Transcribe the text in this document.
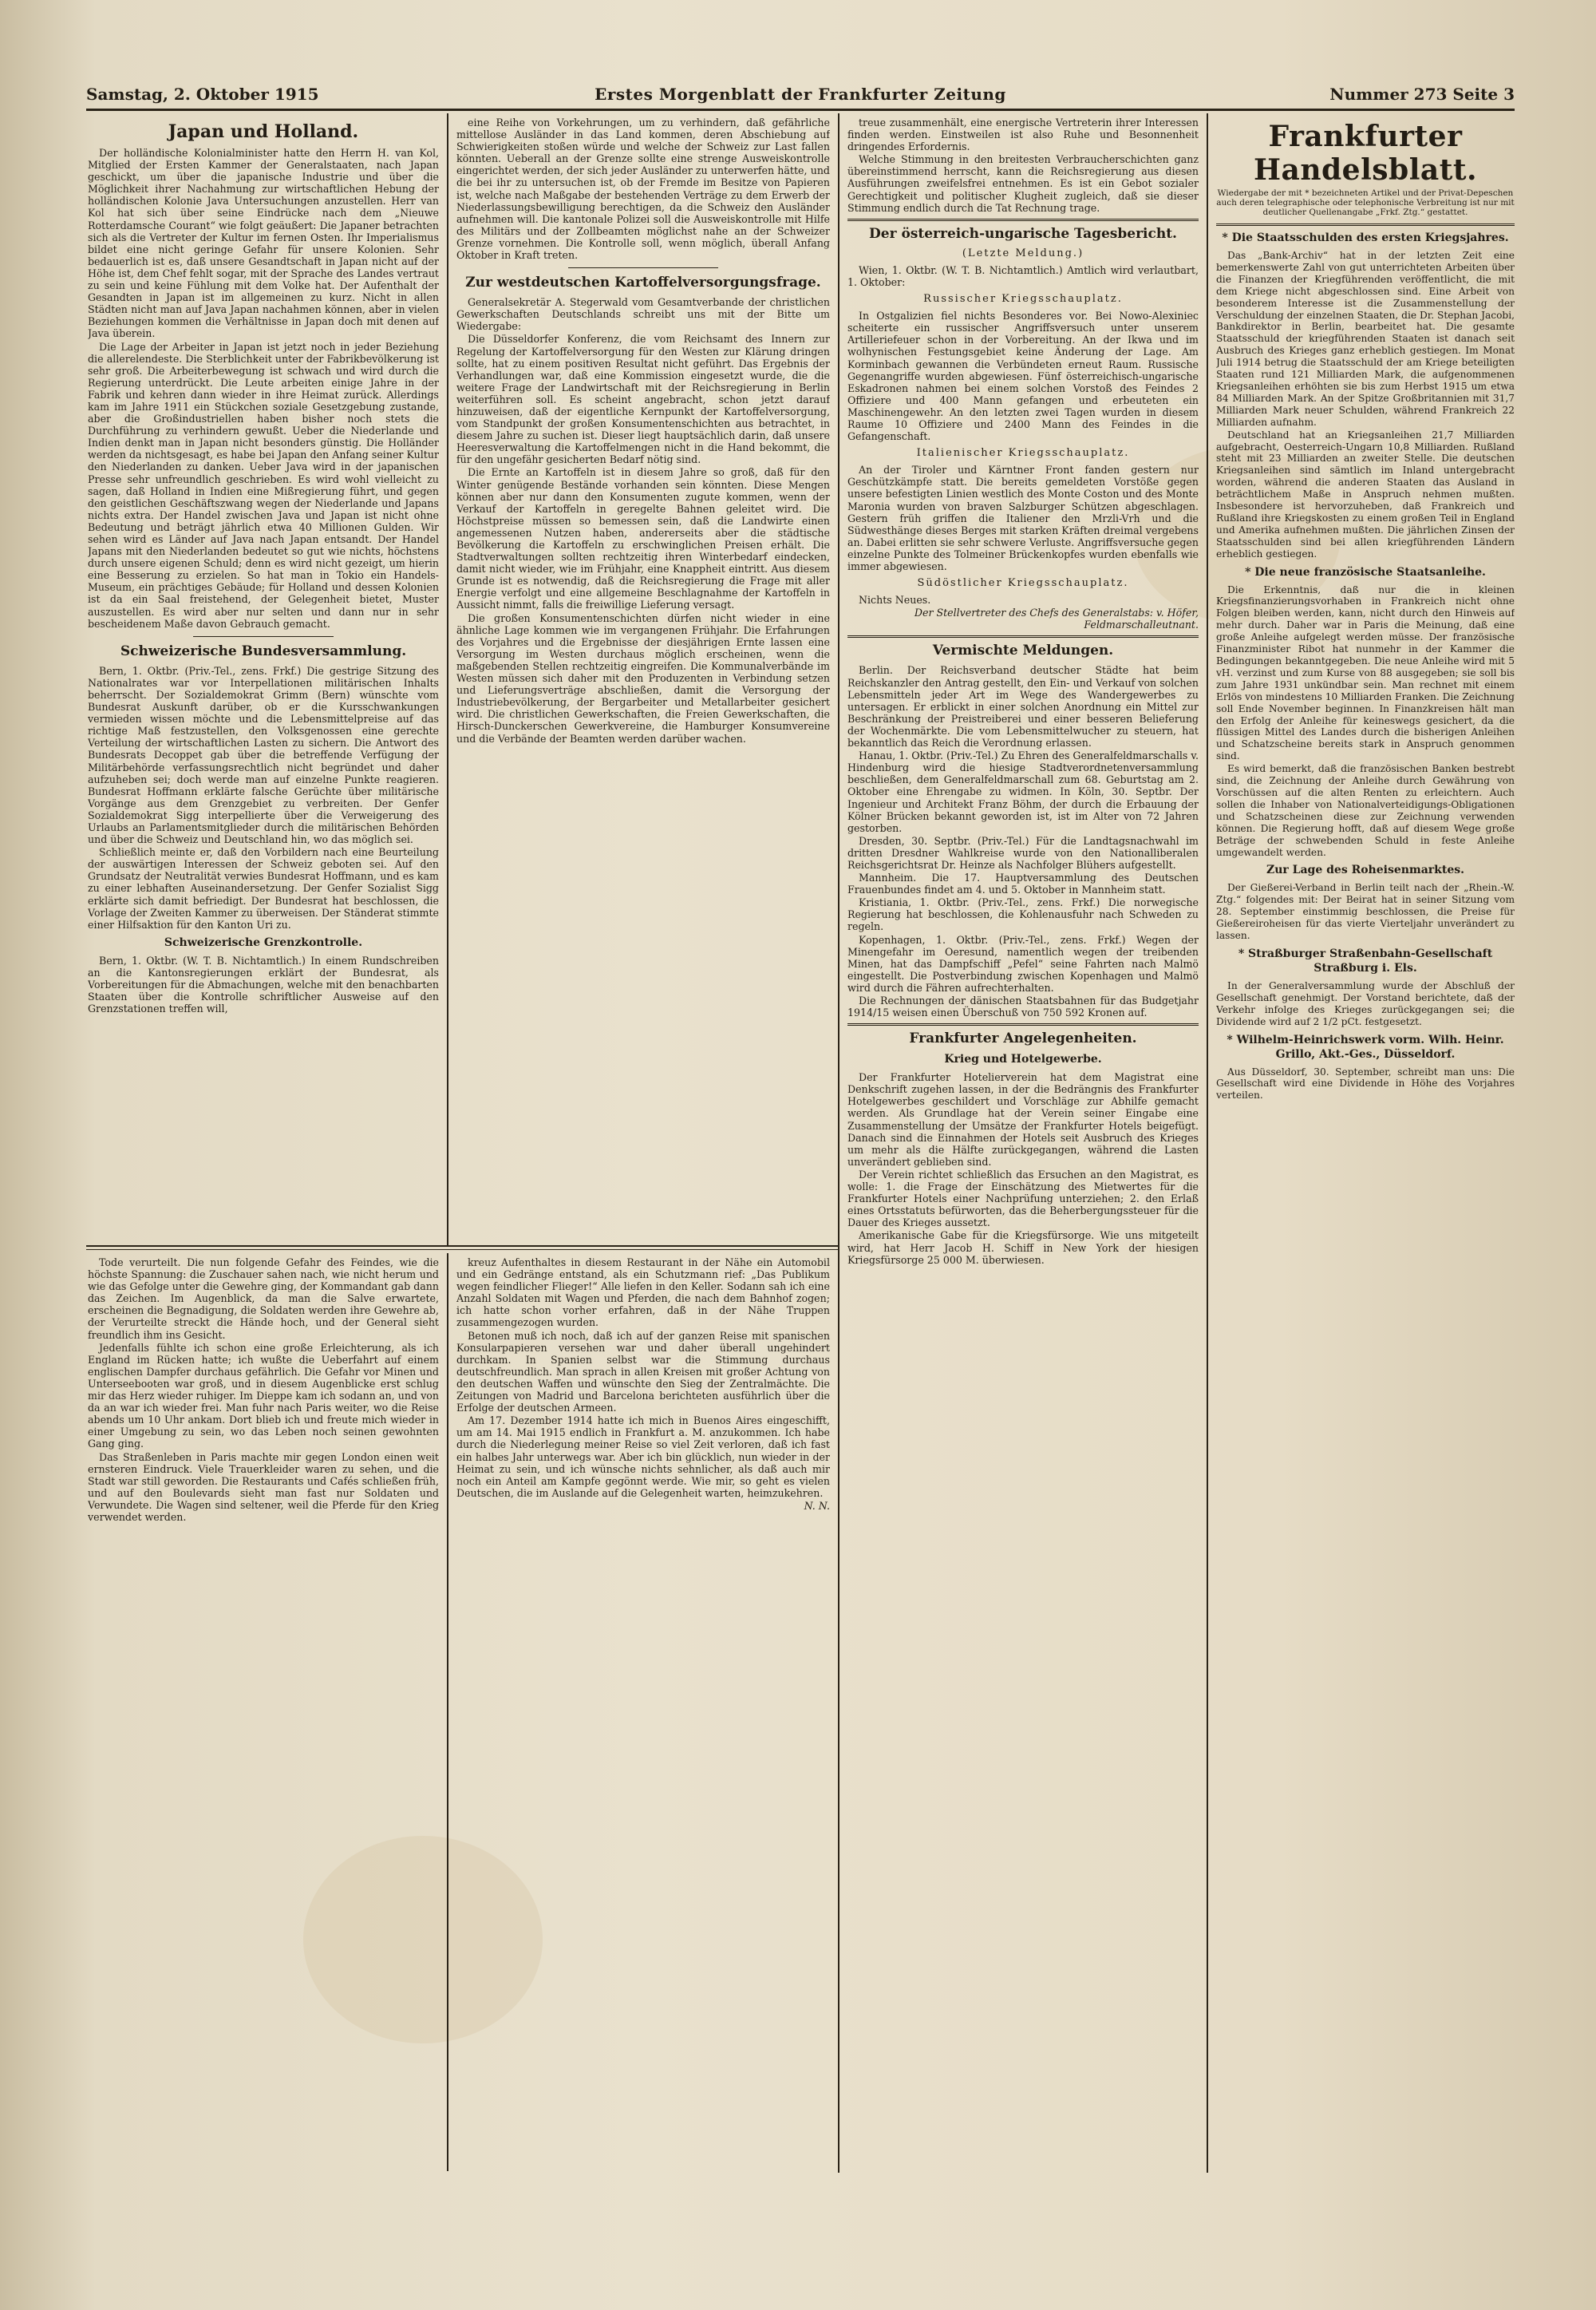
Samstag, 2. Oktober 1915	Erstes Morgenblatt der Frankfurter Zeitung	Nummer 273 Seite 3
Japan und Holland.

Der holländische Kolonialminister hatte den Herrn H. van Kol, Mitglied der Ersten Kammer der Generalstaaten, nach Japan geschickt, um über die japanische Industrie und über die Möglichkeit ihrer Nachahmung zur wirtschaftlichen Hebung der holländischen Kolonie Java Untersuchungen anzustellen. Herr van Kol hat sich über seine Eindrücke nach dem „Nieuwe Rotterdamsche Courant“ wie folgt geäußert: Die Japaner betrachten sich als die Vertreter der Kultur im fernen Osten. Ihr Imperialismus bildet eine nicht geringe Gefahr für unsere Kolonien. Sehr bedauerlich ist es, daß unsere Gesandtschaft in Japan nicht auf der Höhe ist, dem Chef fehlt sogar, mit der Sprache des Landes vertraut zu sein und keine Fühlung mit dem Volke hat. Der Aufenthalt der Gesandten in Japan ist im allgemeinen zu kurz. Nicht in allen Städten nicht man auf Java Japan nachahmen können, aber in vielen Beziehungen kommen die Verhältnisse in Japan doch mit denen auf Java überein.

Die Lage der Arbeiter in Japan ist jetzt noch in jeder Beziehung die allerelendeste. Die Sterblichkeit unter der Fabrikbevölkerung ist sehr groß. Die Arbeiterbewegung ist schwach und wird durch die Regierung unterdrückt. Die Leute arbeiten einige Jahre in der Fabrik und kehren dann wieder in ihre Heimat zurück. Allerdings kam im Jahre 1911 ein Stückchen soziale Gesetzgebung zustande, aber die Großindustriellen haben bisher noch stets die Durchführung zu verhindern gewußt. Ueber die Niederlande und Indien denkt man in Japan nicht besonders günstig. Die Holländer werden da nichtsgesagt, es habe bei Japan den Anfang seiner Kultur den Niederlanden zu danken. Ueber Java wird in der japanischen Presse sehr unfreundlich geschrieben. Es wird wohl vielleicht zu sagen, daß Holland in Indien eine Mißregierung führt, und gegen den geistlichen Geschäftszwang wegen der Niederlande und Japans nichts extra. Der Handel zwischen Java und Japan ist nicht ohne Bedeutung und beträgt jährlich etwa 40 Millionen Gulden. Wir sehen wird es Länder auf Java nach Japan entsandt. Der Handel Japans mit den Niederlanden bedeutet so gut wie nichts, höchstens durch unsere eigenen Schuld; denn es wird nicht gezeigt, um hierin eine Besserung zu erzielen. So hat man in Tokio ein Handels-Museum, ein prächtiges Gebäude; für Holland und dessen Kolonien ist da ein Saal freistehend, der Gelegenheit bietet, Muster auszustellen. Es wird aber nur selten und dann nur in sehr bescheidenem Maße davon Gebrauch gemacht.

Schweizerische Bundesversammlung.

Bern, 1. Oktbr. (Priv.-Tel., zens. Frkf.) Die gestrige Sitzung des Nationalrates war vor Interpellationen militärischen Inhalts beherrscht. Der Sozialdemokrat Grimm (Bern) wünschte vom Bundesrat Auskunft darüber, ob er die Kursschwankungen vermieden wissen möchte und die Lebensmittelpreise auf das richtige Maß festzustellen, den Volksgenossen eine gerechte Verteilung der wirtschaftlichen Lasten zu sichern. Die Antwort des Bundesrats Decoppet gab über die betreffende Verfügung der Militärbehörde verfassungsrechtlich nicht begründet und daher aufzuheben sei; doch werde man auf einzelne Punkte reagieren. Bundesrat Hoffmann erklärte falsche Gerüchte über militärische Vorgänge aus dem Grenzgebiet zu verbreiten. Der Genfer Sozialdemokrat Sigg interpellierte über die Verweigerung des Urlaubs an Parlamentsmitglieder durch die militärischen Behörden und über die Schweiz und Deutschland hin, wo das möglich sei.

Schließlich meinte er, daß den Vorbildern nach eine Beurteilung der auswärtigen Interessen der Schweiz geboten sei. Auf den Grundsatz der Neutralität verwies Bundesrat Hoffmann, und es kam zu einer lebhaften Auseinandersetzung. Der Genfer Sozialist Sigg erklärte sich damit befriedigt. Der Bundesrat hat beschlossen, die Vorlage der Zweiten Kammer zu überweisen. Der Ständerat stimmte einer Hilfsaktion für den Kanton Uri zu.

Schweizerische Grenzkontrolle.

Bern, 1. Oktbr. (W. T. B. Nichtamtlich.) In einem Rundschreiben an die Kantonsregierungen erklärt der Bundesrat, als Vorbereitungen für die Abmachungen, welche mit den benachbarten Staaten über die Kontrolle schriftlicher Ausweise auf den Grenzstationen treffen will,

eine Reihe von Vorkehrungen, um zu verhindern, daß gefährliche mittellose Ausländer in das Land kommen, deren Abschiebung auf Schwierigkeiten stoßen würde und welche der Schweiz zur Last fallen könnten. Ueberall an der Grenze sollte eine strenge Ausweiskontrolle eingerichtet werden, der sich jeder Ausländer zu unterwerfen hätte, und die bei ihr zu untersuchen ist, ob der Fremde im Besitze von Papieren ist, welche nach Maßgabe der bestehenden Verträge zu dem Erwerb der Niederlassungsbewilligung berechtigen, da die Schweiz den Ausländer aufnehmen will. Die kantonale Polizei soll die Ausweiskontrolle mit Hilfe des Militärs und der Zollbeamten möglichst nahe an der Schweizer Grenze vornehmen. Die Kontrolle soll, wenn möglich, überall Anfang Oktober in Kraft treten.

Zur westdeutschen Kartoffelversorgungsfrage.

Generalsekretär A. Stegerwald vom Gesamtverbande der christlichen Gewerkschaften Deutschlands schreibt uns mit der Bitte um Wiedergabe:

Die Düsseldorfer Konferenz, die vom Reichsamt des Innern zur Regelung der Kartoffelversorgung für den Westen zur Klärung dringen sollte, hat zu einem positiven Resultat nicht geführt. Das Ergebnis der Verhandlungen war, daß eine Kommission eingesetzt wurde, die die weitere Frage der Landwirtschaft mit der Reichsregierung in Berlin weiterführen soll. Es scheint angebracht, schon jetzt darauf hinzuweisen, daß der eigentliche Kernpunkt der Kartoffelversorgung, vom Standpunkt der großen Konsumentenschichten aus betrachtet, in diesem Jahre zu suchen ist. Dieser liegt hauptsächlich darin, daß unsere Heeresverwaltung die Kartoffelmengen nicht in die Hand bekommt, die für den ungefähr gesicherten Bedarf nötig sind.

Die Ernte an Kartoffeln ist in diesem Jahre so groß, daß für den Winter genügende Bestände vorhanden sein könnten. Diese Mengen können aber nur dann den Konsumenten zugute kommen, wenn der Verkauf der Kartoffeln in geregelte Bahnen geleitet wird. Die Höchstpreise müssen so bemessen sein, daß die Landwirte einen angemessenen Nutzen haben, andererseits aber die städtische Bevölkerung die Kartoffeln zu erschwinglichen Preisen erhält. Die Stadtverwaltungen sollten rechtzeitig ihren Winterbedarf eindecken, damit nicht wieder, wie im Frühjahr, eine Knappheit eintritt. Aus diesem Grunde ist es notwendig, daß die Reichsregierung die Frage mit aller Energie verfolgt und eine allgemeine Beschlagnahme der Kartoffeln in Aussicht nimmt, falls die freiwillige Lieferung versagt.

Die großen Konsumentenschichten dürfen nicht wieder in eine ähnliche Lage kommen wie im vergangenen Frühjahr. Die Erfahrungen des Vorjahres und die Ergebnisse der diesjährigen Ernte lassen eine Versorgung im Westen durchaus möglich erscheinen, wenn die maßgebenden Stellen rechtzeitig eingreifen. Die Kommunalverbände im Westen müssen sich daher mit den Produzenten in Verbindung setzen und Lieferungsverträge abschließen, damit die Versorgung der Industriebevölkerung, der Bergarbeiter und Metallarbeiter gesichert wird. Die christlichen Gewerkschaften, die Freien Gewerkschaften, die Hirsch-Dunckerschen Gewerkvereine, die Hamburger Konsumvereine und die Verbände der Beamten werden darüber wachen.

treue zusammenhält, eine energische Vertreterin ihrer Interessen finden werden. Einstweilen ist also Ruhe und Besonnenheit dringendes Erfordernis.

Welche Stimmung in den breitesten Verbraucherschichten ganz übereinstimmend herrscht, kann die Reichsregierung aus diesen Ausführungen zweifelsfrei entnehmen. Es ist ein Gebot sozialer Gerechtigkeit und politischer Klugheit zugleich, daß sie dieser Stimmung endlich durch die Tat Rechnung trage.

Der österreich-ungarische Tagesbericht.
(Letzte Meldung.)

Wien, 1. Oktbr. (W. T. B. Nichtamtlich.) Amtlich wird verlautbart, 1. Oktober:

Russischer Kriegsschauplatz.

In Ostgalizien fiel nichts Besonderes vor. Bei Nowo-Alexiniec scheiterte ein russischer Angriffsversuch unter unserem Artilleriefeuer schon in der Vorbereitung. An der Ikwa und im wolhynischen Festungsgebiet keine Änderung der Lage. Am Korminbach gewannen die Verbündeten erneut Raum. Russische Gegenangriffe wurden abgewiesen. Fünf österreichisch-ungarische Eskadronen nahmen bei einem solchen Vorstoß des Feindes 2 Offiziere und 400 Mann gefangen und erbeuteten ein Maschinengewehr. An den letzten zwei Tagen wurden in diesem Raume 10 Offiziere und 2400 Mann des Feindes in die Gefangenschaft.

Italienischer Kriegsschauplatz.

An der Tiroler und Kärntner Front fanden gestern nur Geschützkämpfe statt. Die bereits gemeldeten Vorstöße gegen unsere befestigten Linien westlich des Monte Coston und des Monte Maronia wurden von braven Salzburger Schützen abgeschlagen. Gestern früh griffen die Italiener den Mrzli-Vrh und die Südwesthänge dieses Berges mit starken Kräften dreimal vergebens an. Dabei erlitten sie sehr schwere Verluste. Angriffsversuche gegen einzelne Punkte des Tolmeiner Brückenkopfes wurden ebenfalls wie immer abgewiesen.

Südöstlicher Kriegsschauplatz.

Nichts Neues.

Der Stellvertreter des Chefs des Generalstabs: v. Höfer, Feldmarschalleutnant.

Vermischte Meldungen.

Berlin. Der Reichsverband deutscher Städte hat beim Reichskanzler den Antrag gestellt, den Ein- und Verkauf von solchen Lebensmitteln jeder Art im Wege des Wandergewerbes zu untersagen. Er erblickt in einer solchen Anordnung ein Mittel zur Beschränkung der Preistreiberei und einer besseren Belieferung der Wochenmärkte. Die vom Lebensmittelwucher zu steuern, hat bekanntlich das Reich die Verordnung erlassen.

Hanau, 1. Oktbr. (Priv.-Tel.) Zu Ehren des Generalfeldmarschalls v. Hindenburg wird die hiesige Stadtverordnetenversammlung beschließen, dem Generalfeldmarschall zum 68. Geburtstag am 2. Oktober eine Ehrengabe zu widmen. In Köln, 30. Septbr. Der Ingenieur und Architekt Franz Böhm, der durch die Erbauung der Kölner Brücken bekannt geworden ist, ist im Alter von 72 Jahren gestorben.

Dresden, 30. Septbr. (Priv.-Tel.) Für die Landtagsnachwahl im dritten Dresdner Wahlkreise wurde von den Nationalliberalen Reichsgerichtsrat Dr. Heinze als Nachfolger Blühers aufgestellt.

Mannheim. Die 17. Hauptversammlung des Deutschen Frauenbundes findet am 4. und 5. Oktober in Mannheim statt.

Kristiania, 1. Oktbr. (Priv.-Tel., zens. Frkf.) Die norwegische Regierung hat beschlossen, die Kohlenausfuhr nach Schweden zu regeln.

Kopenhagen, 1. Oktbr. (Priv.-Tel., zens. Frkf.) Wegen der Minengefahr im Oeresund, namentlich wegen der treibenden Minen, hat das Dampfschiff „Pefel“ seine Fahrten nach Malmö eingestellt. Die Postverbindung zwischen Kopenhagen und Malmö wird durch die Fähren aufrechterhalten.

Die Rechnungen der dänischen Staatsbahnen für das Budgetjahr 1914/15 weisen einen Überschuß von 750 592 Kronen auf.

Frankfurter Angelegenheiten.
Krieg und Hotelgewerbe.

Der Frankfurter Hotelierverein hat dem Magistrat eine Denkschrift zugehen lassen, in der die Bedrängnis des Frankfurter Hotelgewerbes geschildert und Vorschläge zur Abhilfe gemacht werden. Als Grundlage hat der Verein seiner Eingabe eine Zusammenstellung der Umsätze der Frankfurter Hotels beigefügt. Danach sind die Einnahmen der Hotels seit Ausbruch des Krieges um mehr als die Hälfte zurückgegangen, während die Lasten unverändert geblieben sind.

Der Verein richtet schließlich das Ersuchen an den Magistrat, es wolle: 1. die Frage der Einschätzung des Mietwertes für die Frankfurter Hotels einer Nachprüfung unterziehen; 2. den Erlaß eines Ortsstatuts befürworten, das die Beherbergungssteuer für die Dauer des Krieges aussetzt.

Amerikanische Gabe für die Kriegsfürsorge. Wie uns mitgeteilt wird, hat Herr Jacob H. Schiff in New York der hiesigen Kriegsfürsorge 25 000 M. überwiesen.

Frankfurter Handelsblatt.
Wiedergabe der mit * bezeichneten Artikel und der Privat-Depeschen auch deren telegraphische oder telephonische Verbreitung ist nur mit deutlicher Quellenangabe „Frkf. Ztg.“ gestattet.
* Die Staatsschulden des ersten Kriegsjahres.

Das „Bank-Archiv“ hat in der letzten Zeit eine bemerkenswerte Zahl von gut unterrichteten Arbeiten über die Finanzen der Kriegführenden veröffentlicht, die mit dem Kriege nicht abgeschlossen sind. Eine Arbeit von besonderem Interesse ist die Zusammenstellung der Verschuldung der einzelnen Staaten, die Dr. Stephan Jacobi, Bankdirektor in Berlin, bearbeitet hat. Die gesamte Staatsschuld der kriegführenden Staaten ist danach seit Ausbruch des Krieges ganz erheblich gestiegen. Im Monat Juli 1914 betrug die Staatsschuld der am Kriege beteiligten Staaten rund 121 Milliarden Mark, die aufgenommenen Kriegsanleihen erhöhten sie bis zum Herbst 1915 um etwa 84 Milliarden Mark. An der Spitze Großbritannien mit 31,7 Milliarden Mark neuer Schulden, während Frankreich 22 Milliarden aufnahm.

Deutschland hat an Kriegsanleihen 21,7 Milliarden aufgebracht, Oesterreich-Ungarn 10,8 Milliarden. Rußland steht mit 23 Milliarden an zweiter Stelle. Die deutschen Kriegsanleihen sind sämtlich im Inland untergebracht worden, während die anderen Staaten das Ausland in beträchtlichem Maße in Anspruch nehmen mußten. Insbesondere ist hervorzuheben, daß Frankreich und Rußland ihre Kriegskosten zu einem großen Teil in England und Amerika aufnehmen mußten. Die jährlichen Zinsen der Staatsschulden sind bei allen kriegführenden Ländern erheblich gestiegen.

* Die neue französische Staatsanleihe.

Die Erkenntnis, daß nur die in kleinen Kriegsfinanzierungsvorhaben in Frankreich nicht ohne Folgen bleiben werden, kann, nicht durch den Hinweis auf mehr durch. Daher war in Paris die Meinung, daß eine große Anleihe aufgelegt werden müsse. Der französische Finanzminister Ribot hat nunmehr in der Kammer die Bedingungen bekanntgegeben. Die neue Anleihe wird mit 5 vH. verzinst und zum Kurse von 88 ausgegeben; sie soll bis zum Jahre 1931 unkündbar sein. Man rechnet mit einem Erlös von mindestens 10 Milliarden Franken. Die Zeichnung soll Ende November beginnen. In Finanzkreisen hält man den Erfolg der Anleihe für keineswegs gesichert, da die flüssigen Mittel des Landes durch die bisherigen Anleihen und Schatzscheine bereits stark in Anspruch genommen sind.

Es wird bemerkt, daß die französischen Banken bestrebt sind, die Zeichnung der Anleihe durch Gewährung von Vorschüssen auf die alten Renten zu erleichtern. Auch sollen die Inhaber von Nationalverteidigungs-Obligationen und Schatzscheinen diese zur Zeichnung verwenden können. Die Regierung hofft, daß auf diesem Wege große Beträge der schwebenden Schuld in feste Anleihe umgewandelt werden.

Zur Lage des Roheisenmarktes.

Der Gießerei-Verband in Berlin teilt nach der „Rhein.-W. Ztg.“ folgendes mit: Der Beirat hat in seiner Sitzung vom 28. September einstimmig beschlossen, die Preise für Gießereiroheisen für das vierte Vierteljahr unverändert zu lassen.

* Straßburger Straßenbahn-Gesellschaft Straßburg i. Els.

In der Generalversammlung wurde der Abschluß der Gesellschaft genehmigt. Der Vorstand berichtete, daß der Verkehr infolge des Krieges zurückgegangen sei; die Dividende wird auf 2 1/2 pCt. festgesetzt.

* Wilhelm-Heinrichswerk vorm. Wilh. Heinr. Grillo, Akt.-Ges., Düsseldorf.

Aus Düsseldorf, 30. September, schreibt man uns: Die Gesellschaft wird eine Dividende in Höhe des Vorjahres verteilen.

Tode verurteilt. Die nun folgende Gefahr des Feindes, wie die höchste Spannung: die Zuschauer sahen nach, wie nicht herum und wie das Gefolge unter die Gewehre ging, der Kommandant gab dann das Zeichen. Im Augenblick, da man die Salve erwartete, erscheinen die Begnadigung, die Soldaten werden ihre Gewehre ab, der Verurteilte streckt die Hände hoch, und der General sieht freundlich ihm ins Gesicht.

Jedenfalls fühlte ich schon eine große Erleichterung, als ich England im Rücken hatte; ich wußte die Ueberfahrt auf einem englischen Dampfer durchaus gefährlich. Die Gefahr vor Minen und Unterseebooten war groß, und in diesem Augenblicke erst schlug mir das Herz wieder ruhiger. Im Dieppe kam ich sodann an, und von da an war ich wieder frei. Man fuhr nach Paris weiter, wo die Reise abends um 10 Uhr ankam. Dort blieb ich und freute mich wieder in einer Umgebung zu sein, wo das Leben noch seinen gewohnten Gang ging.

Das Straßenleben in Paris machte mir gegen London einen weit ernsteren Eindruck. Viele Trauerkleider waren zu sehen, und die Stadt war still geworden. Die Restaurants und Cafés schließen früh, und auf den Boulevards sieht man fast nur Soldaten und Verwundete. Die Wagen sind seltener, weil die Pferde für den Krieg verwendet werden.

kreuz Aufenthaltes in diesem Restaurant in der Nähe ein Automobil und ein Gedränge entstand, als ein Schutzmann rief: „Das Publikum wegen feindlicher Flieger!“ Alle liefen in den Keller. Sodann sah ich eine Anzahl Soldaten mit Wagen und Pferden, die nach dem Bahnhof zogen; ich hatte schon vorher erfahren, daß in der Nähe Truppen zusammengezogen wurden.

Betonen muß ich noch, daß ich auf der ganzen Reise mit spanischen Konsularpapieren versehen war und daher überall ungehindert durchkam. In Spanien selbst war die Stimmung durchaus deutschfreundlich. Man sprach in allen Kreisen mit großer Achtung von den deutschen Waffen und wünschte den Sieg der Zentralmächte. Die Zeitungen von Madrid und Barcelona berichteten ausführlich über die Erfolge der deutschen Armeen.

Am 17. Dezember 1914 hatte ich mich in Buenos Aires eingeschifft, um am 14. Mai 1915 endlich in Frankfurt a. M. anzukommen. Ich habe durch die Niederlegung meiner Reise so viel Zeit verloren, daß ich fast ein halbes Jahr unterwegs war. Aber ich bin glücklich, nun wieder in der Heimat zu sein, und ich wünsche nichts sehnlicher, als daß auch mir noch ein Anteil am Kampfe gegönnt werde. Wie mir, so geht es vielen Deutschen, die im Auslande auf die Gelegenheit warten, heimzukehren.

N. N.
